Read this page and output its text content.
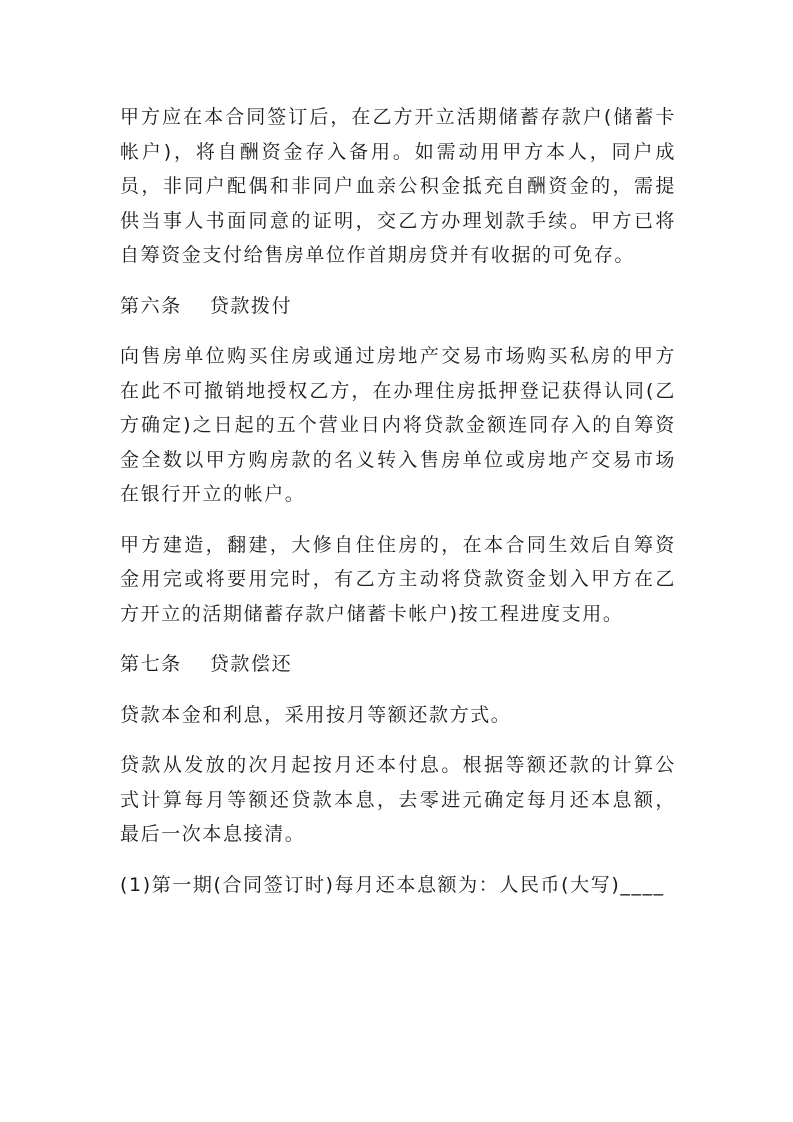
甲方应在本合同签订后，在乙方开立活期储蓄存款户(储蓄卡帐户)，将自酬资金存入备用。如需动用甲方本人，同户成员，非同户配偶和非同户血亲公积金抵充自酬资金的，需提供当事人书面同意的证明，交乙方办理划款手续。甲方已将自筹资金支付给售房单位作首期房贷并有收据的可免存。

第六条 贷款拨付

向售房单位购买住房或通过房地产交易市场购买私房的甲方在此不可撤销地授权乙方，在办理住房抵押登记获得认同(乙方确定)之日起的五个营业日内将贷款金额连同存入的自筹资金全数以甲方购房款的名义转入售房单位或房地产交易市场在银行开立的帐户。

甲方建造，翻建，大修自住住房的，在本合同生效后自筹资金用完或将要用完时，有乙方主动将贷款资金划入甲方在乙方开立的活期储蓄存款户储蓄卡帐户)按工程进度支用。

第七条 贷款偿还

贷款本金和利息，采用按月等额还款方式。

贷款从发放的次月起按月还本付息。根据等额还款的计算公式计算每月等额还贷款本息，去零进元确定每月还本息额，最后一次本息接清。

(1)第一期(合同签订时)每月还本息额为：人民币(大写)____
